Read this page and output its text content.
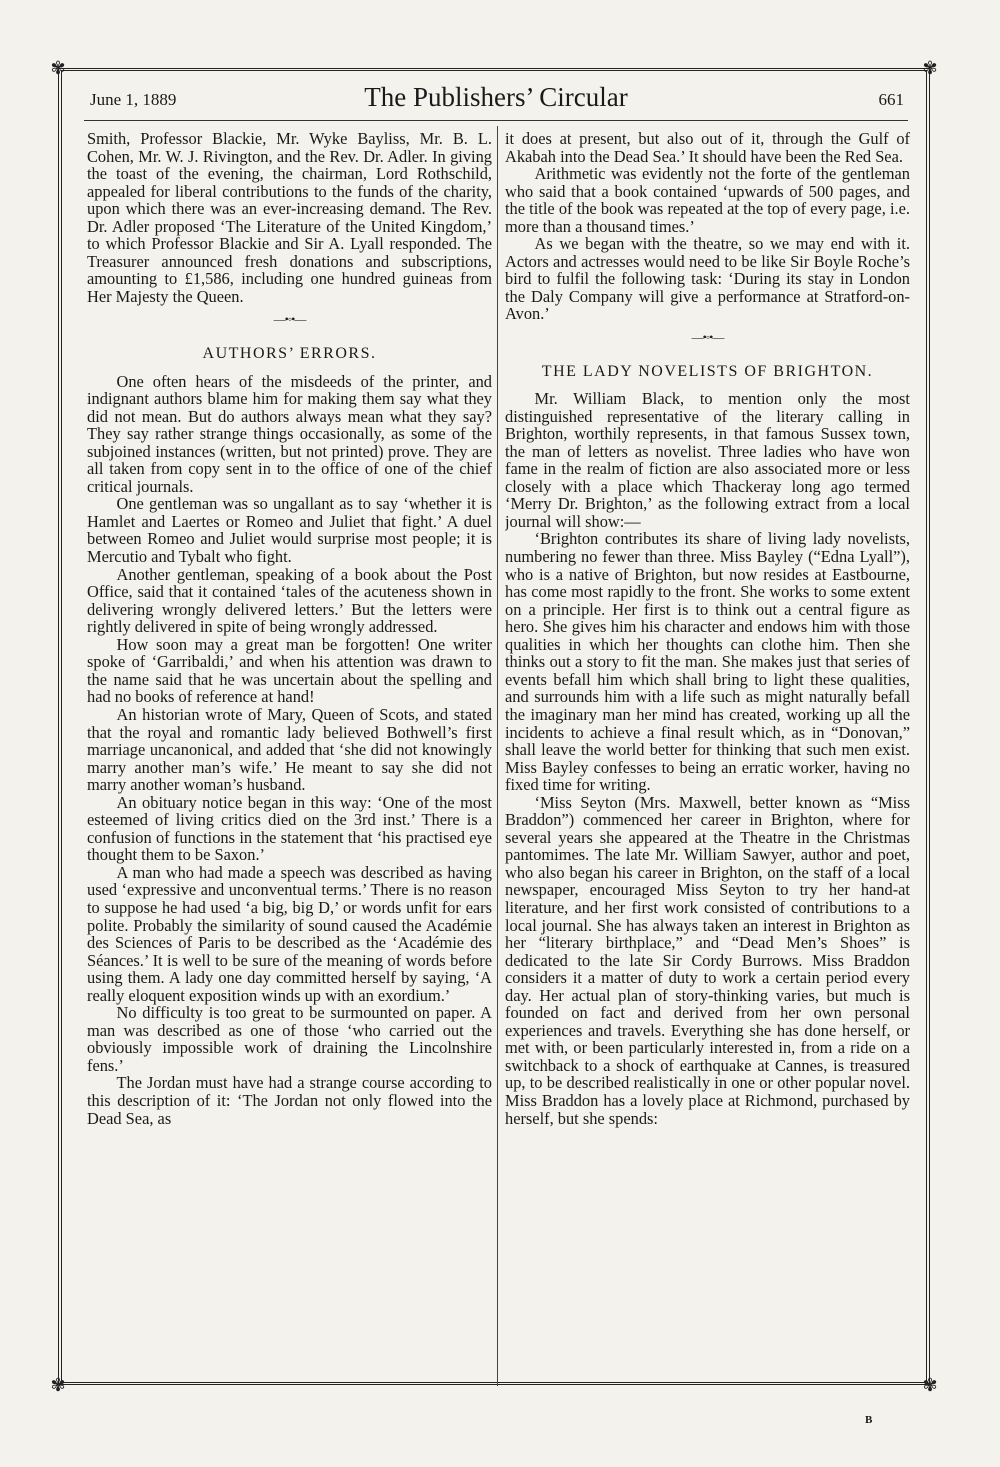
✾	✾
✾	✾
June 1, 1889	The Publishers’ Circular	661

Smith, Professor Blackie, Mr. Wyke Bayliss, Mr. B. L. Cohen, Mr. W. J. Rivington, and the Rev. Dr. Adler. In giving the toast of the evening, the chairman, Lord Rothschild, appealed for liberal contributions to the funds of the charity, upon which there was an ever-increasing demand. The Rev. Dr. Adler proposed ‘The Literature of the United Kingdom,’ to which Professor Blackie and Sir A. Lyall responded. The Treasurer announced fresh donations and subscriptions, amounting to £1,586, including one hundred guineas from Her Majesty the Queen.

—•◦•—
AUTHORS’ ERRORS.

One often hears of the misdeeds of the printer, and indignant authors blame him for making them say what they did not mean. But do authors always mean what they say? They say rather strange things occasionally, as some of the subjoined instances (written, but not printed) prove. They are all taken from copy sent in to the office of one of the chief critical journals.

One gentleman was so ungallant as to say ‘whether it is Hamlet and Laertes or Romeo and Juliet that fight.’ A duel between Romeo and Juliet would surprise most people; it is Mercutio and Tybalt who fight.

Another gentleman, speaking of a book about the Post Office, said that it contained ‘tales of the acuteness shown in delivering wrongly delivered letters.’ But the letters were rightly delivered in spite of being wrongly addressed.

How soon may a great man be forgotten! One writer spoke of ‘Garribaldi,’ and when his attention was drawn to the name said that he was uncertain about the spelling and had no books of reference at hand!

An historian wrote of Mary, Queen of Scots, and stated that the royal and romantic lady believed Bothwell’s first marriage uncanonical, and added that ‘she did not knowingly marry another man’s wife.’ He meant to say she did not marry another woman’s husband.

An obituary notice began in this way: ‘One of the most esteemed of living critics died on the 3rd inst.’ There is a confusion of functions in the statement that ‘his practised eye thought them to be Saxon.’

A man who had made a speech was described as having used ‘expressive and unconventual terms.’ There is no reason to suppose he had used ‘a big, big D,’ or words unfit for ears polite. Probably the similarity of sound caused the Académie des Sciences of Paris to be described as the ‘Académie des Séances.’ It is well to be sure of the meaning of words before using them. A lady one day committed herself by saying, ‘A really eloquent exposition winds up with an exordium.’

No difficulty is too great to be surmounted on paper. A man was described as one of those ‘who carried out the obviously impossible work of draining the Lincolnshire fens.’

The Jordan must have had a strange course according to this description of it: ‘The Jordan not only flowed into the Dead Sea, as

it does at present, but also out of it, through the Gulf of Akabah into the Dead Sea.’ It should have been the Red Sea.

Arithmetic was evidently not the forte of the gentleman who said that a book contained ‘upwards of 500 pages, and the title of the book was repeated at the top of every page, i.e. more than a thousand times.’

As we began with the theatre, so we may end with it. Actors and actresses would need to be like Sir Boyle Roche’s bird to fulfil the following task: ‘During its stay in London the Daly Company will give a performance at Stratford-on-Avon.’

—•◦•—
THE LADY NOVELISTS OF BRIGHTON.

Mr. William Black, to mention only the most distinguished representative of the literary calling in Brighton, worthily represents, in that famous Sussex town, the man of letters as novelist. Three ladies who have won fame in the realm of fiction are also associated more or less closely with a place which Thackeray long ago termed ‘Merry Dr. Brighton,’ as the following extract from a local journal will show:—

‘Brighton contributes its share of living lady novelists, numbering no fewer than three. Miss Bayley (“Edna Lyall”), who is a native of Brighton, but now resides at Eastbourne, has come most rapidly to the front. She works to some extent on a principle. Her first is to think out a central figure as hero. She gives him his character and endows him with those qualities in which her thoughts can clothe him. Then she thinks out a story to fit the man. She makes just that series of events befall him which shall bring to light these qualities, and surrounds him with a life such as might naturally befall the imaginary man her mind has created, working up all the incidents to achieve a final result which, as in “Donovan,” shall leave the world better for thinking that such men exist. Miss Bayley confesses to being an erratic worker, having no fixed time for writing.

‘Miss Seyton (Mrs. Maxwell, better known as “Miss Braddon”) commenced her career in Brighton, where for several years she appeared at the Theatre in the Christmas pantomimes. The late Mr. William Sawyer, author and poet, who also began his career in Brighton, on the staff of a local newspaper, encouraged Miss Seyton to try her hand-at literature, and her first work consisted of contributions to a local journal. She has always taken an interest in Brighton as her “literary birthplace,” and “Dead Men’s Shoes” is dedicated to the late Sir Cordy Burrows. Miss Braddon considers it a matter of duty to work a certain period every day. Her actual plan of story-thinking varies, but much is founded on fact and derived from her own personal experiences and travels. Everything she has done herself, or met with, or been particularly interested in, from a ride on a switchback to a shock of earthquake at Cannes, is treasured up, to be described realistically in one or other popular novel. Miss Braddon has a lovely place at Richmond, purchased by herself, but she spends:

B
